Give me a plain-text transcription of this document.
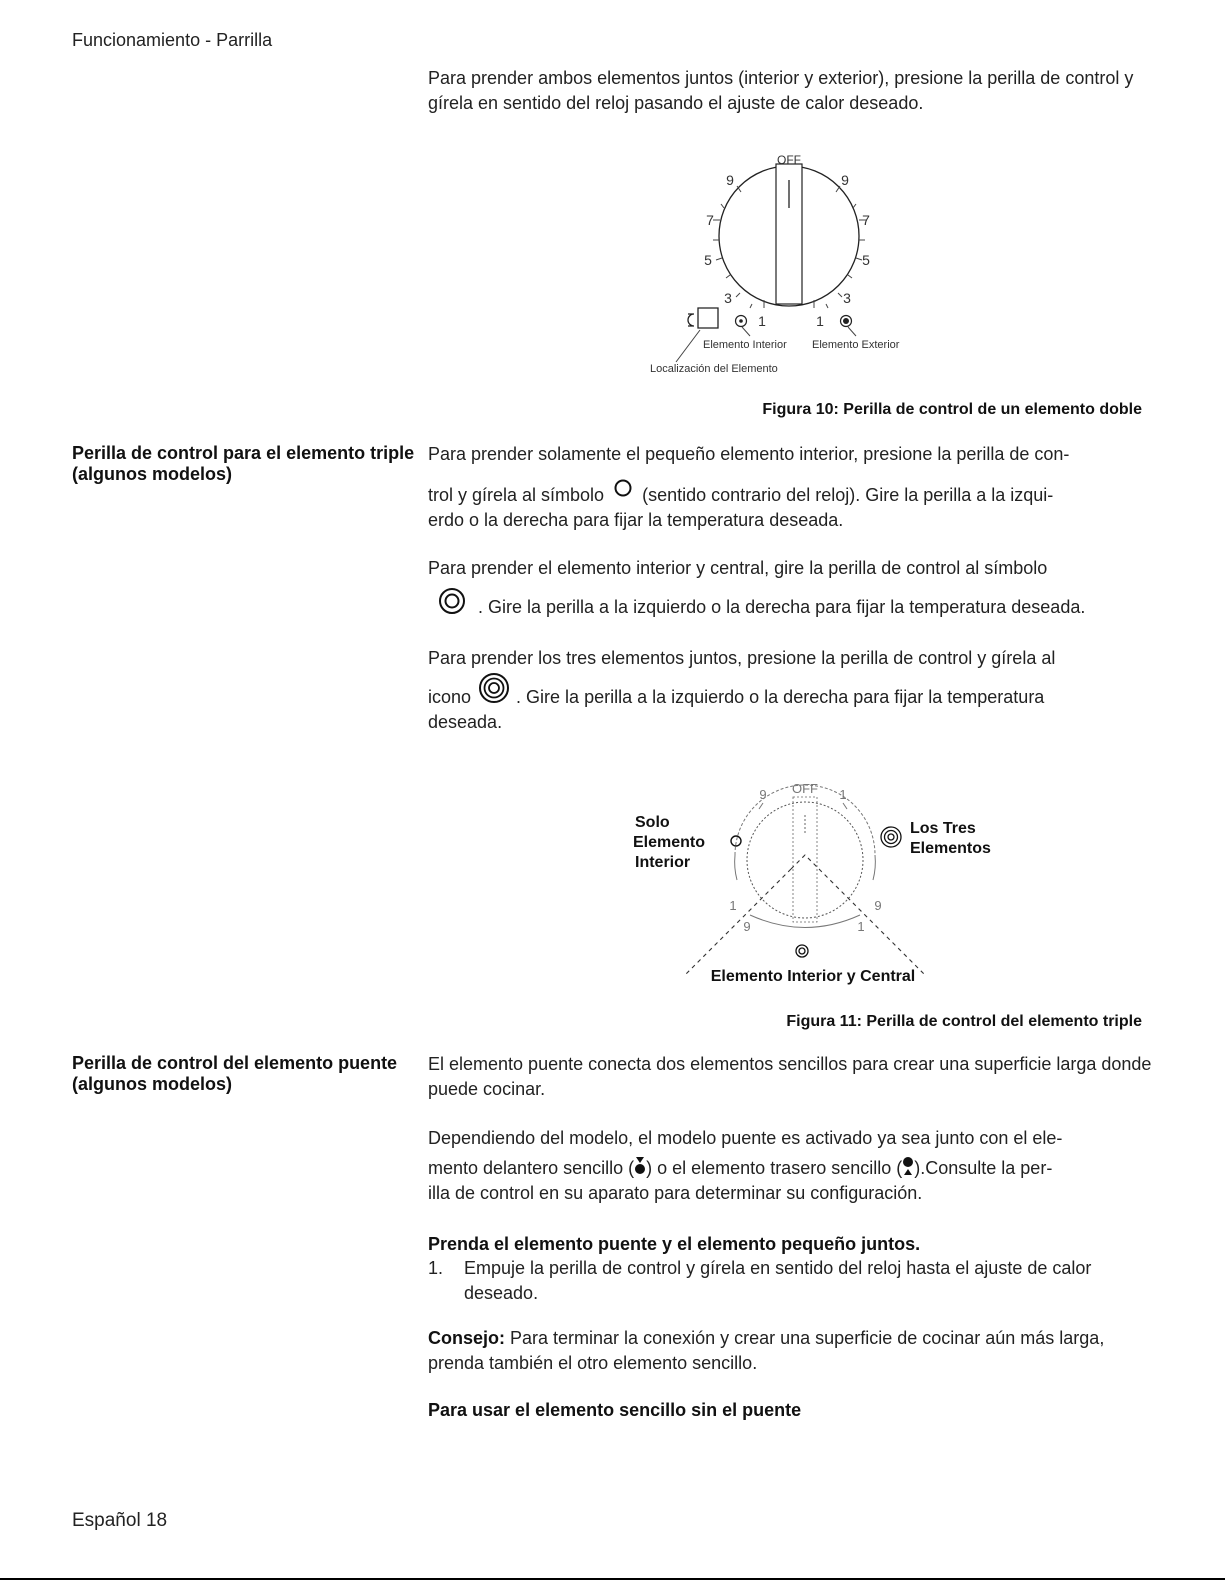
Funcionamiento - Parrilla
Para prender ambos elementos juntos (interior y exterior), presione la perilla de control y gírela en sentido del reloj pasando el ajuste de calor deseado.
OFF
9
7
5
3
1
9
7
5
3
1
Elemento Interior Elemento Exterior
Localización del Elemento
Figura 10: Perilla de control de un elemento doble
Perilla de control para el elemento triple (algunos modelos)
Para prender solamente el pequeño elemento interior, presione la perilla de con-
trol y gírela al símbolo (sentido contrario del reloj). Gire la perilla a la izqui-
erdo o la derecha para fijar la temperatura deseada.
Para prender el elemento interior y central, gire la perilla de control al símbolo
. Gire la perilla a la izquierdo o la derecha para fijar la temperatura deseada.
Para prender los tres elementos juntos, presione la perilla de control y gírela al
icono	. Gire la perilla a la izquierdo o la derecha para fijar la temperatura
deseada.
9 OFF 1
1
9
9
1
Solo
Elemento
Interior
Los Tres
Elementos
Elemento Interior y Central
Figura 11: Perilla de control del elemento triple
Perilla de control del elemento puente (algunos modelos)
El elemento puente conecta dos elementos sencillos para crear una superficie larga donde puede cocinar.
Dependiendo del modelo, el modelo puente es activado ya sea junto con el ele-
mento delantero sencillo ( ) o el elemento trasero sencillo ( ).Consulte la per-
illa de control en su aparato para determinar su configuración.
Prenda el elemento puente y el elemento pequeño juntos.
1. Empuje la perilla de control y gírela en sentido del reloj hasta el ajuste de calor deseado.
Consejo: Para terminar la conexión y crear una superficie de cocinar aún más larga, prenda también el otro elemento sencillo.
Para usar el elemento sencillo sin el puente
Español 18
